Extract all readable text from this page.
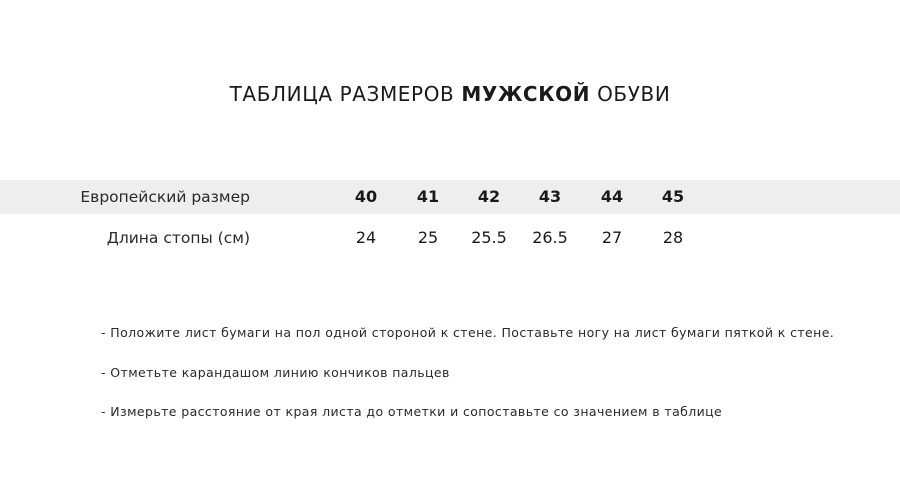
ТАБЛИЦА РАЗМЕРОВ МУЖСКОЙ ОБУВИ
Европейский размер	40	41	42	43	44	45
Длина стопы (см)	24	25	25.5	26.5	27	28
- Положите лист бумаги на пол одной стороной к стене. Поставьте ногу на лист бумаги пяткой к стене.
- Отметьте карандашом линию кончиков пальцев
- Измерьте расстояние от края листа до отметки и сопоставьте со значением в таблице
